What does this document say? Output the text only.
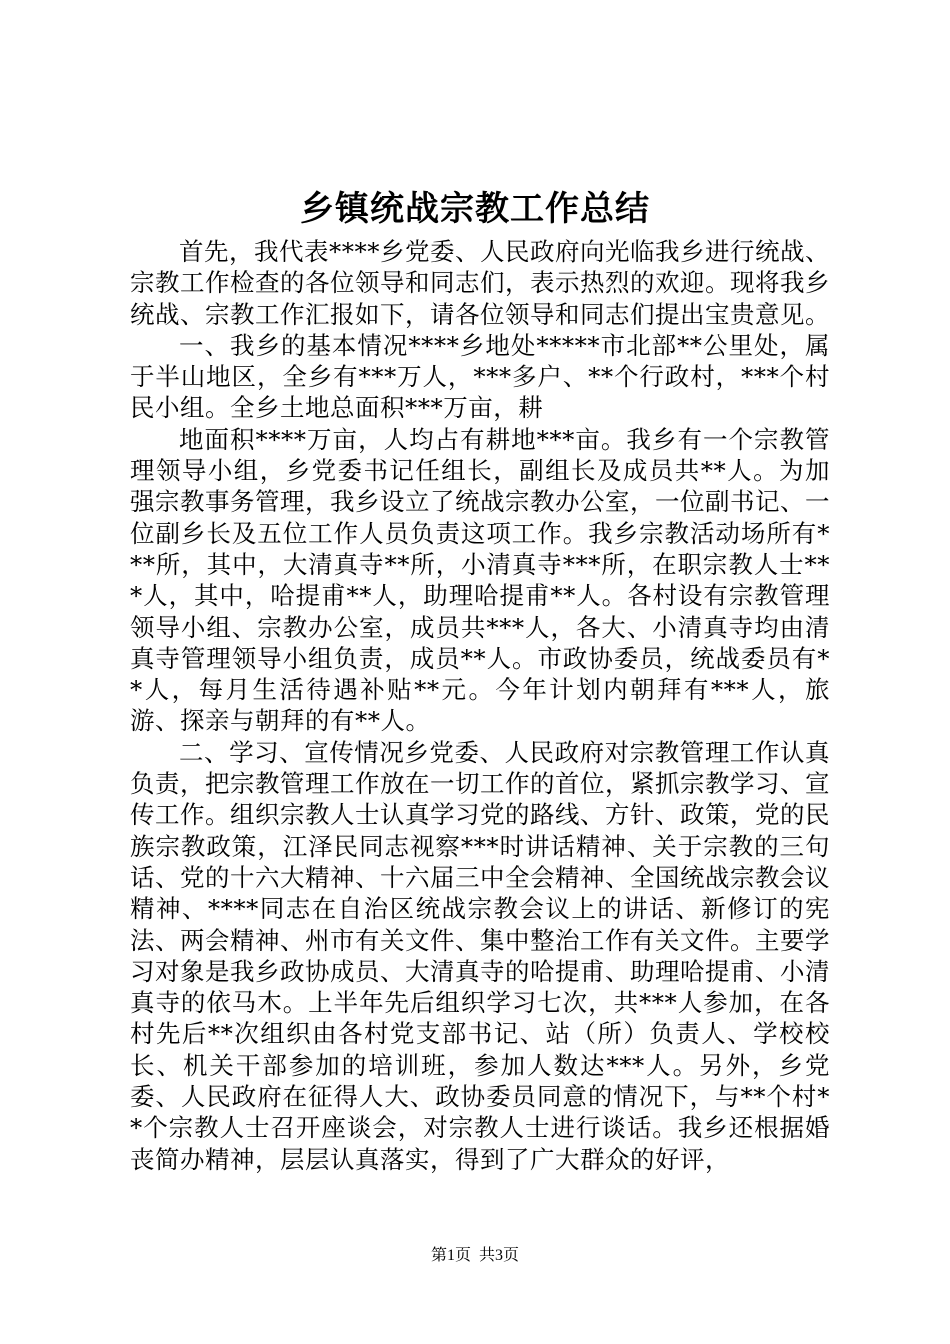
乡镇统战宗教工作总结

首先，我代表****乡党委、人民政府向光临我乡进行统战、宗教工作检查的各位领导和同志们，表示热烈的欢迎。现将我乡统战、宗教工作汇报如下，请各位领导和同志们提出宝贵意见。

一、我乡的基本情况****乡地处*****市北部**公里处，属于半山地区，全乡有***万人，***多户、**个行政村，***个村民小组。全乡土地总面积***万亩，耕

地面积****万亩，人均占有耕地***亩。我乡有一个宗教管理领导小组，乡党委书记任组长，副组长及成员共**人。为加强宗教事务管理，我乡设立了统战宗教办公室，一位副书记、一位副乡长及五位工作人员负责这项工作。我乡宗教活动场所有***所，其中，大清真寺**所，小清真寺***所，在职宗教人士***人，其中，哈提甫**人，助理哈提甫**人。各村设有宗教管理领导小组、宗教办公室，成员共***人，各大、小清真寺均由清真寺管理领导小组负责，成员**人。市政协委员，统战委员有**人，每月生活待遇补贴**元。今年计划内朝拜有***人，旅游、探亲与朝拜的有**人。

二、学习、宣传情况乡党委、人民政府对宗教管理工作认真负责，把宗教管理工作放在一切工作的首位，紧抓宗教学习、宣传工作。组织宗教人士认真学习党的路线、方针、政策，党的民族宗教政策，江泽民同志视察***时讲话精神、关于宗教的三句话、党的十六大精神、十六届三中全会精神、全国统战宗教会议精神、****同志在自治区统战宗教会议上的讲话、新修订的宪法、两会精神、州市有关文件、集中整治工作有关文件。主要学习对象是我乡政协成员、大清真寺的哈提甫、助理哈提甫、小清真寺的依马木。上半年先后组织学习七次，共***人参加，在各村先后**次组织由各村党支部书记、站（所）负责人、学校校长、机关干部参加的培训班，参加人数达***人。另外，乡党委、人民政府在征得人大、政协委员同意的情况下，与**个村**个宗教人士召开座谈会，对宗教人士进行谈话。我乡还根据婚丧简办精神，层层认真落实，得到了广大群众的好评，

第1页 共3页
